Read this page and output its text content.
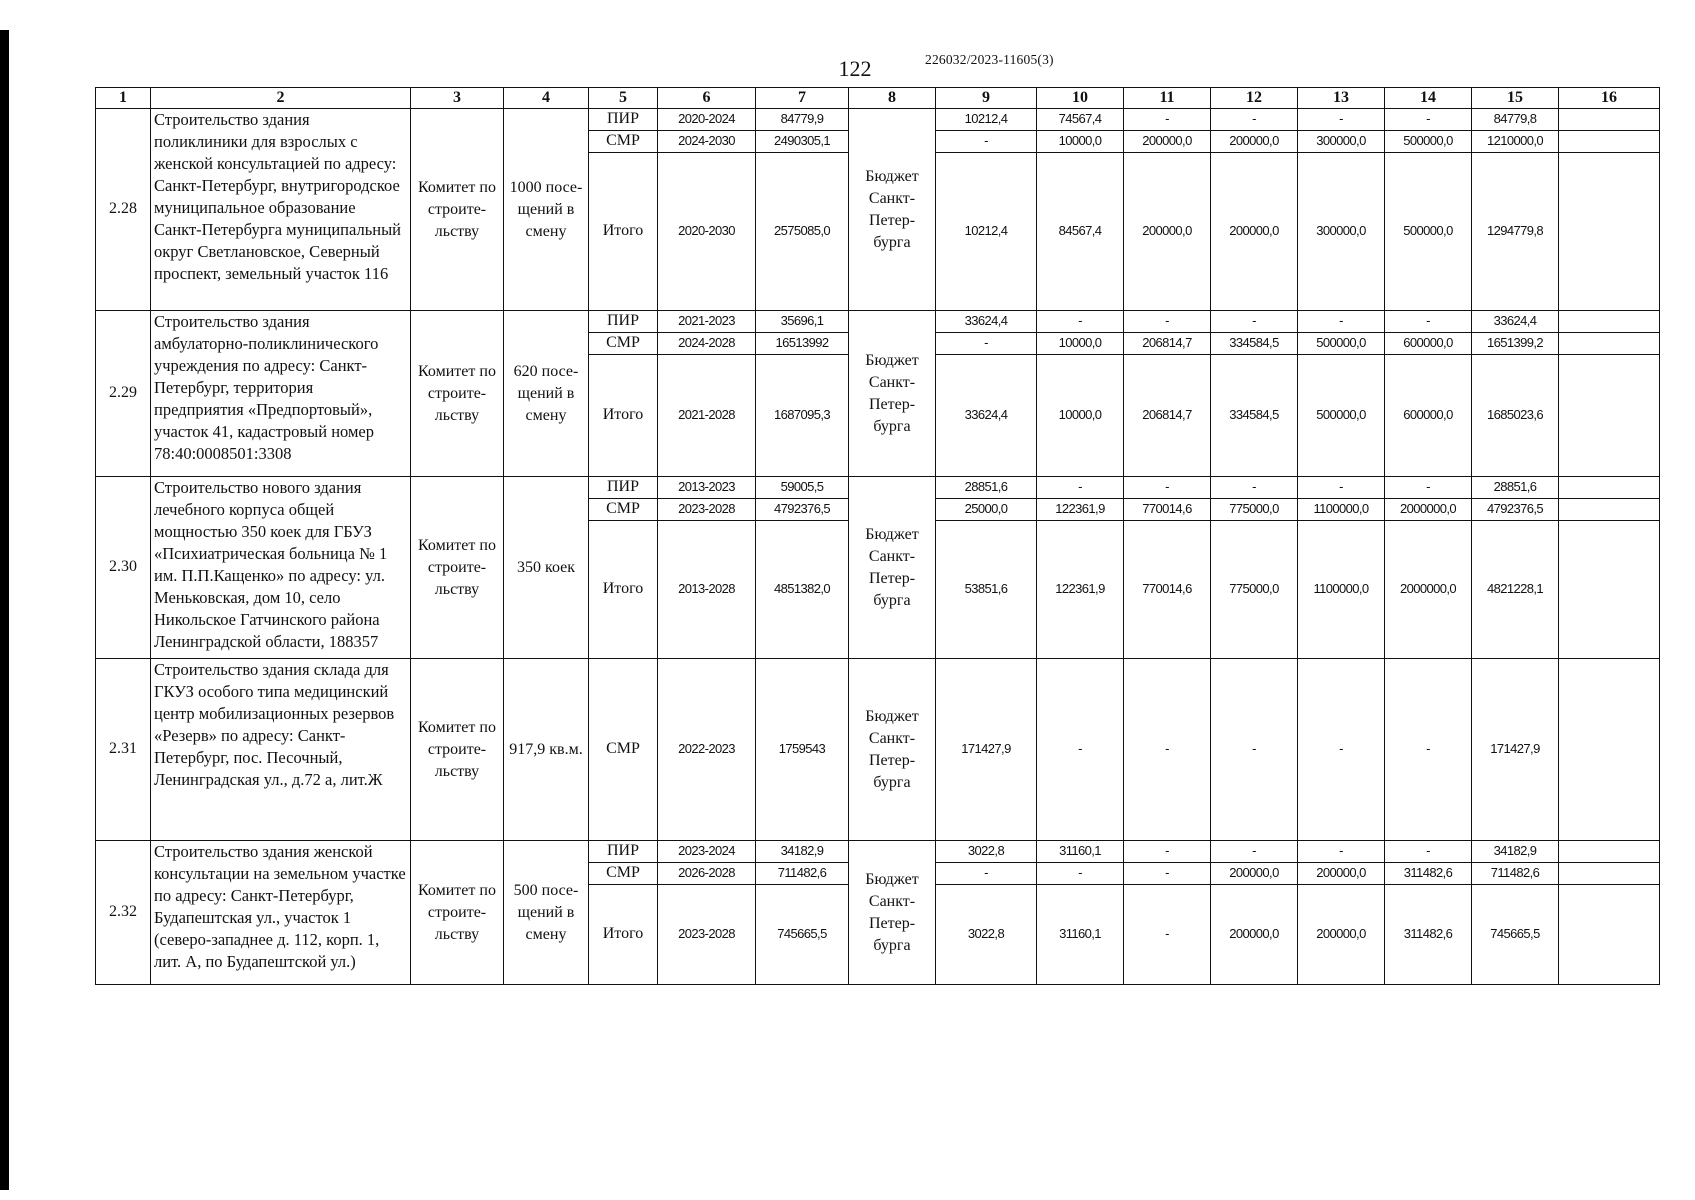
122	226032/2023-11605(3)
1	2	3	4	5	6	7	8	9	10	11	12	13	14	15	16
2.28	Строительство здания поликлиники для взрослых с женской консультацией по адресу: Санкт-Петербург, внутригородское муниципальное образование Санкт-Петербурга муниципальный округ Светлановское, Северный проспект, земельный участок 116	Комитет по строите-льству	1000 посе-щений в смену	ПИР	2020-2024	84779,9	Бюджет Санкт-Петер-бурга	10212,4	74567,4	-	-	-	-	84779,8	
				СМР	2024-2030	2490305,1		-	10000,0	200000,0	200000,0	300000,0	500000,0	1210000,0	
				Итого	2020-2030	2575085,0		10212,4	84567,4	200000,0	200000,0	300000,0	500000,0	1294779,8	
2.29	Строительство здания амбулаторно-поликлинического учреждения по адресу: Санкт-Петербург, территория предприятия «Предпортовый», участок 41, кадастровый номер 78:40:0008501:3308	Комитет по строите-льству	620 посе-щений в смену	ПИР	2021-2023	35696,1	Бюджет Санкт-Петер-бурга	33624,4	-	-	-	-	-	33624,4	
				СМР	2024-2028	16513992		-	10000,0	206814,7	334584,5	500000,0	600000,0	1651399,2	
				Итого	2021-2028	1687095,3		33624,4	10000,0	206814,7	334584,5	500000,0	600000,0	1685023,6	
2.30	Строительство нового здания лечебного корпуса общей мощностью 350 коек для ГБУЗ «Психиатрическая больница № 1 им. П.П.Кащенко» по адресу: ул. Меньковская, дом 10, село Никольское Гатчинского района Ленинградской области, 188357	Комитет по строите-льству	350 коек	ПИР	2013-2023	59005,5	Бюджет Санкт-Петер-бурга	28851,6	-	-	-	-	-	28851,6	
				СМР	2023-2028	4792376,5		25000,0	122361,9	770014,6	775000,0	1100000,0	2000000,0	4792376,5	
				Итого	2013-2028	4851382,0		53851,6	122361,9	770014,6	775000,0	1100000,0	2000000,0	4821228,1	
2.31	Строительство здания склада для ГКУЗ особого типа медицинский центр мобилизационных резервов «Резерв» по адресу: Санкт-Петербург, пос. Песочный, Ленинградская ул., д.72 а, лит.Ж	Комитет по строите-льству	917,9 кв.м.	СМР	2022-2023	1759543	Бюджет Санкт-Петер-бурга	171427,9	-	-	-	-	-	171427,9	
2.32	Строительство здания женской консультации на земельном участке по адресу: Санкт-Петербург, Будапештская ул., участок 1 (северо-западнее д. 112, корп. 1, лит. А, по Будапештской ул.)	Комитет по строите-льству	500 посе-щений в смену	ПИР	2023-2024	34182,9	Бюджет Санкт-Петер-бурга	3022,8	31160,1	-	-	-	-	34182,9	
				СМР	2026-2028	711482,6		-	-	-	200000,0	200000,0	311482,6	711482,6	
				Итого	2023-2028	745665,5		3022,8	31160,1	-	200000,0	200000,0	311482,6	745665,5	
